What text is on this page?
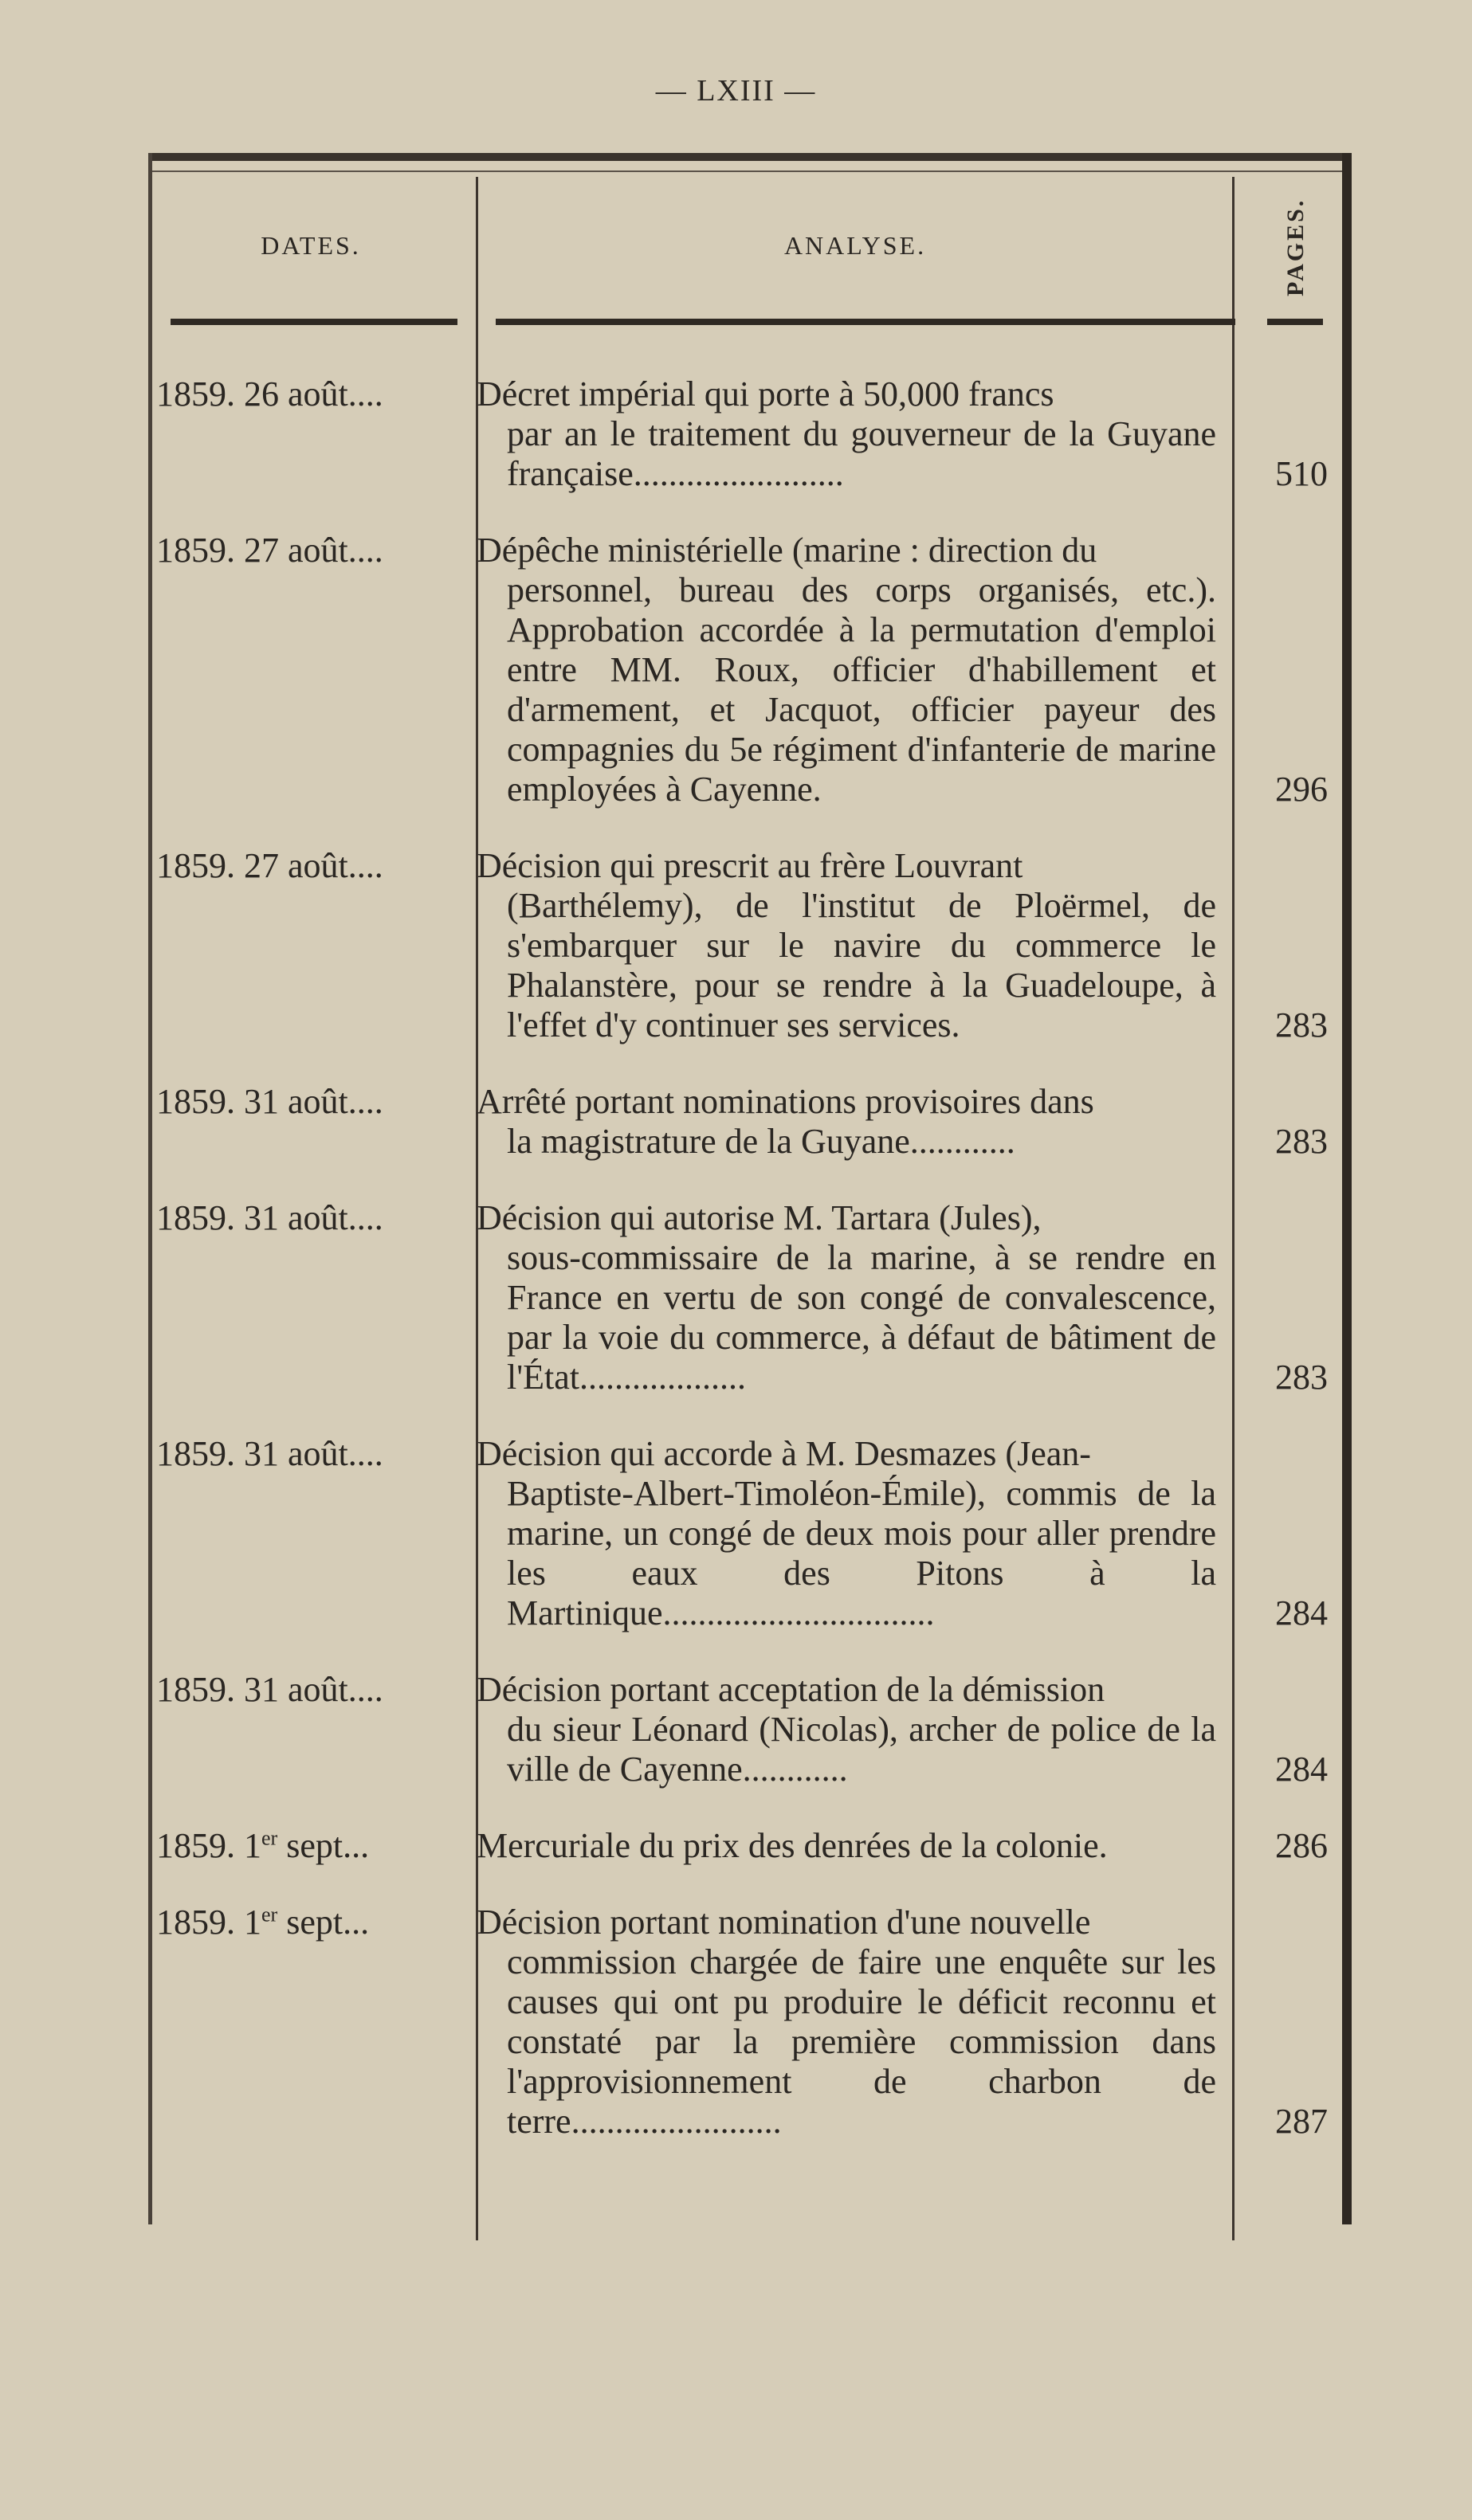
— LXIII —
DATES.	ANALYSE.	PAGES.
1859. 26 août....	Décret impérial qui porte à 50,000 francs
par an le traitement du gouverneur de la Guyane française........................	510
1859. 27 août....	Dépêche ministérielle (marine : direction du
personnel, bureau des corps organisés, etc.). Approbation accordée à la permutation d'emploi entre MM. Roux, officier d'habillement et d'armement, et Jacquot, officier payeur des compagnies du 5e régiment d'infanterie de marine employées à Cayenne.	296
1859. 27 août....	Décision qui prescrit au frère Louvrant
(Barthélemy), de l'institut de Ploërmel, de s'embarquer sur le navire du commerce le Phalanstère, pour se rendre à la Guadeloupe, à l'effet d'y continuer ses services.	283
1859. 31 août....	Arrêté portant nominations provisoires dans
la magistrature de la Guyane............	283
1859. 31 août....	Décision qui autorise M. Tartara (Jules),
sous-commissaire de la marine, à se rendre en France en vertu de son congé de convalescence, par la voie du commerce, à défaut de bâtiment de l'État...................	283
1859. 31 août....	Décision qui accorde à M. Desmazes (Jean-
Baptiste-Albert-Timoléon-Émile), commis de la marine, un congé de deux mois pour aller prendre les eaux des Pitons à la Martinique...............................	284
1859. 31 août....	Décision portant acceptation de la démission
du sieur Léonard (Nicolas), archer de police de la ville de Cayenne............	284
1859. 1er sept...	Mercuriale du prix des denrées de la colonie.	286
1859. 1er sept...	Décision portant nomination d'une nouvelle
commission chargée de faire une enquête sur les causes qui ont pu produire le déficit reconnu et constaté par la première commission dans l'approvisionnement de charbon de terre........................	287
